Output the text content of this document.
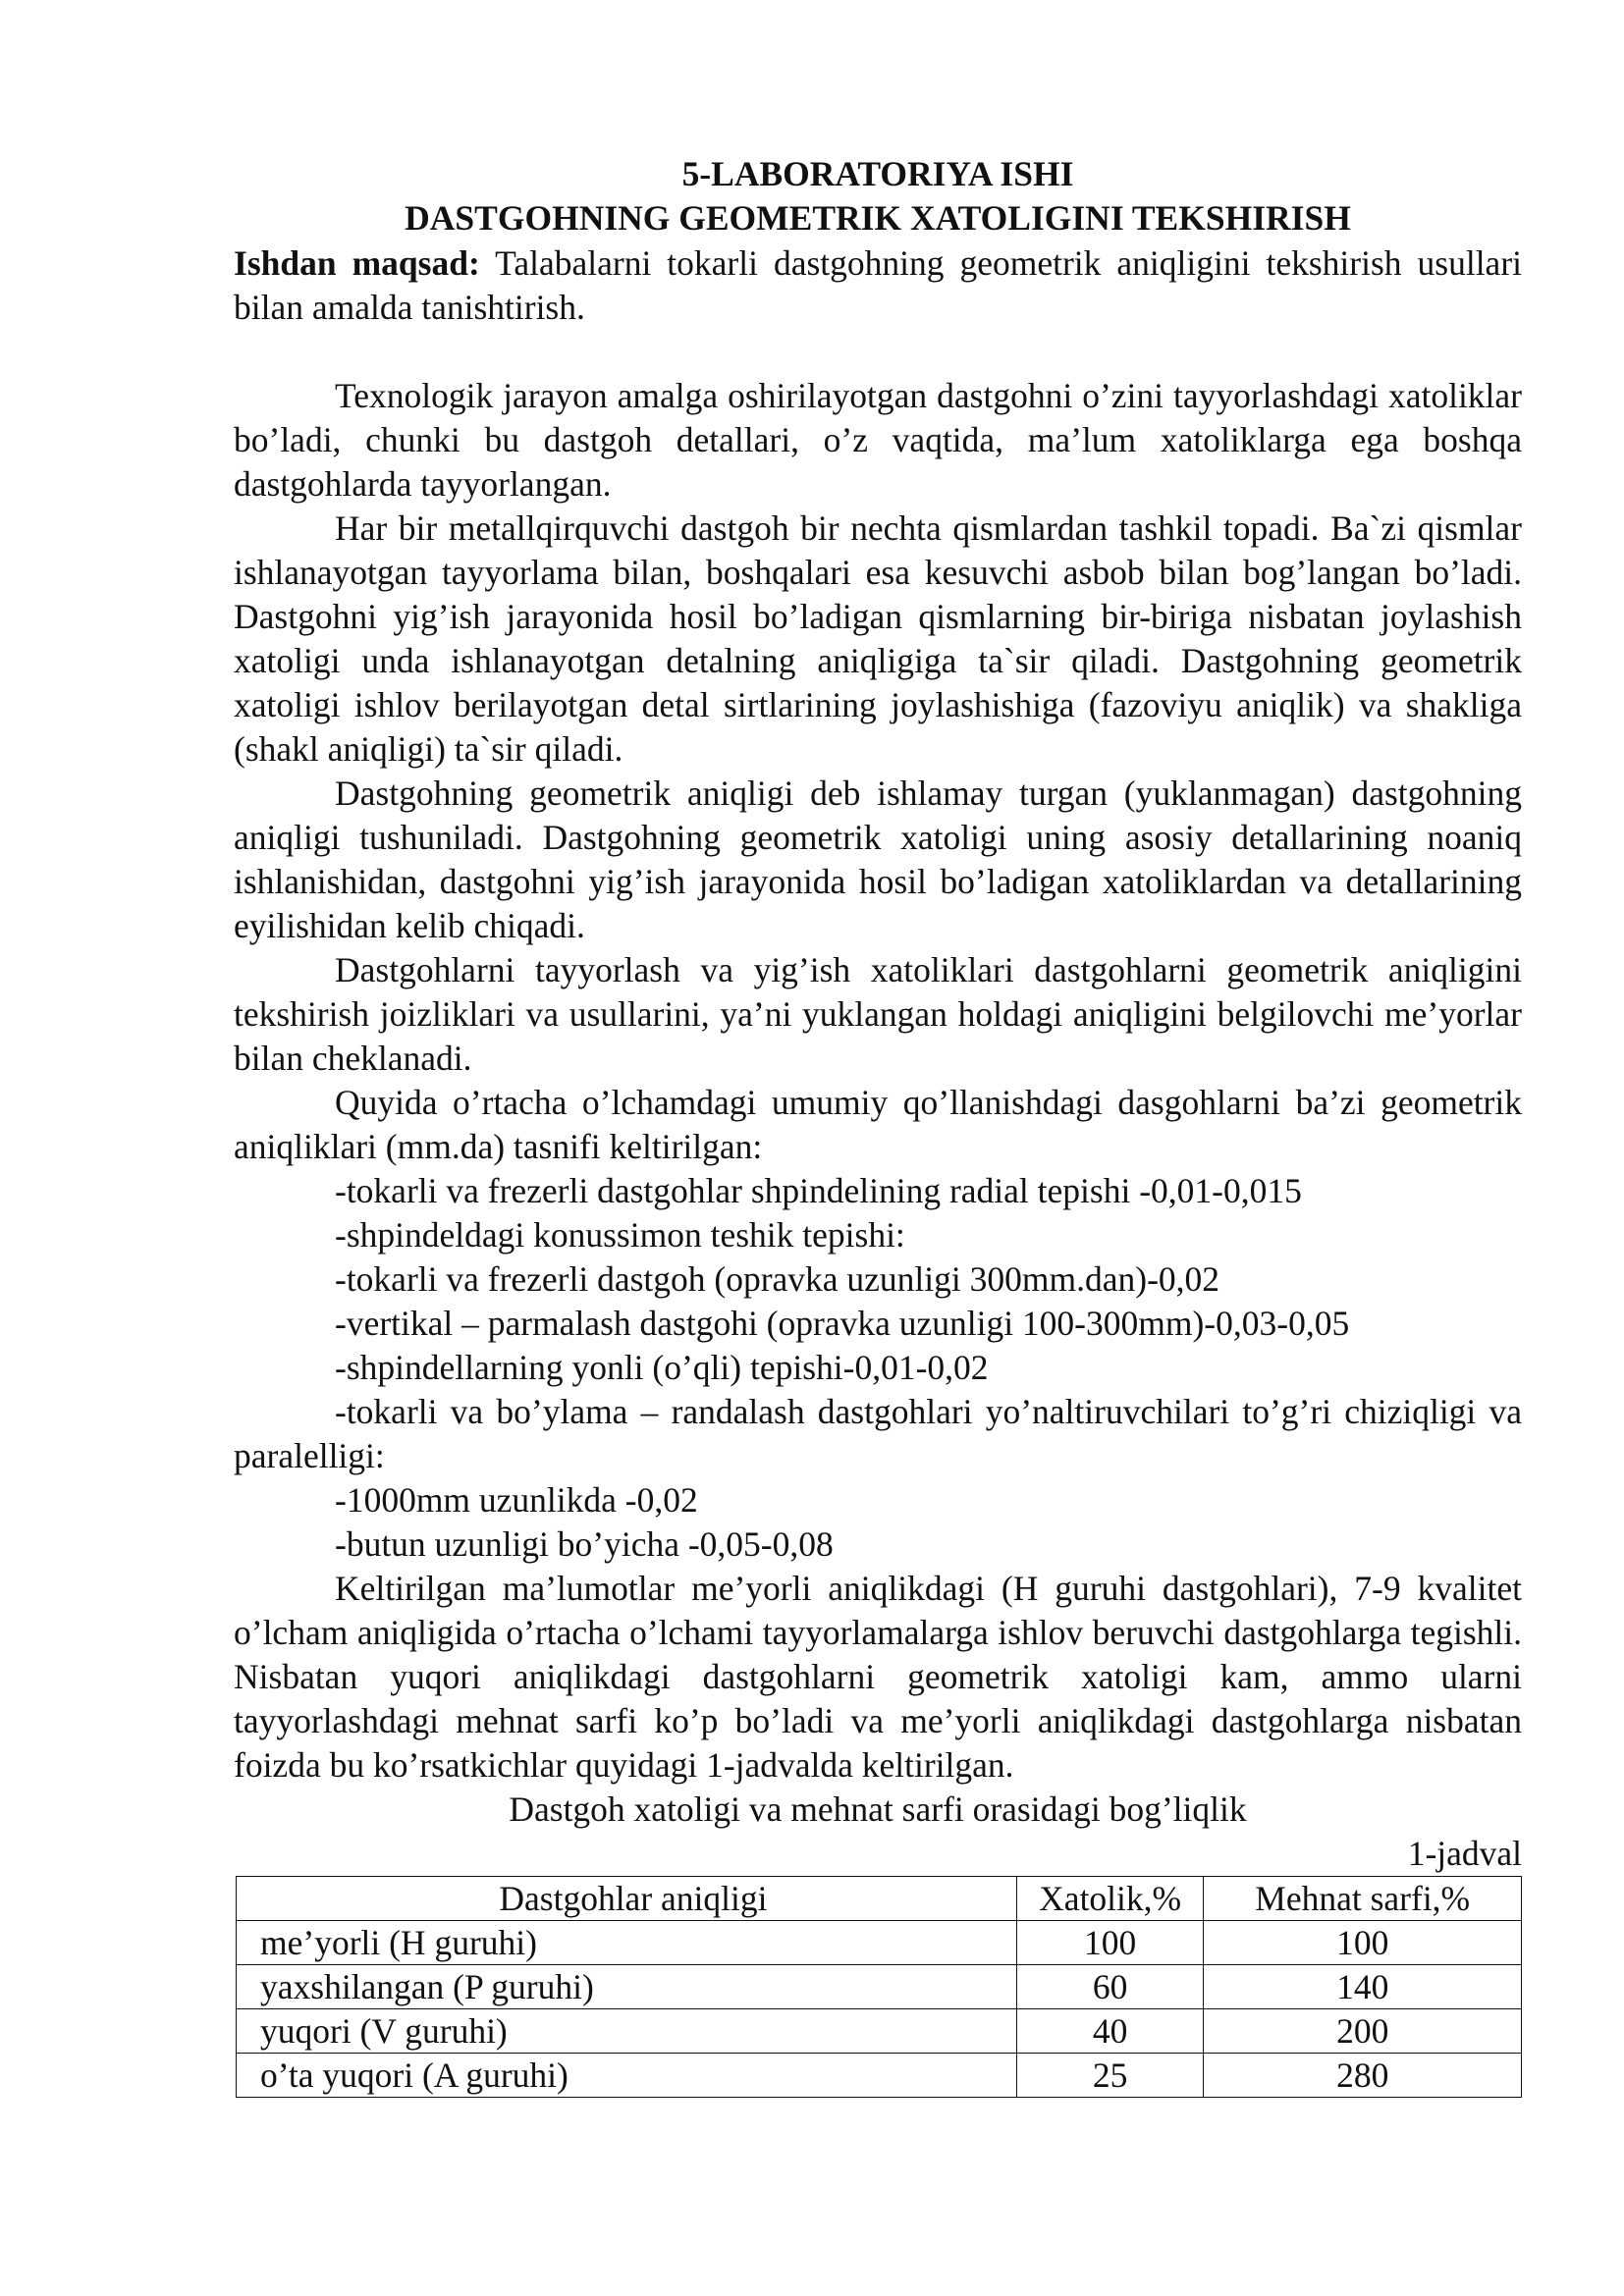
5-LABORATORIYA ISHI

DASTGOHNING GEOMETRIK XATOLIGINI TEKSHIRISH

Ishdan maqsad: Talabalarni tokarli dastgohning geometrik aniqligini tekshirish usullari bilan amalda tanishtirish.

Texnologik jarayon amalga oshirilayotgan dastgohni o’zini tayyorlashdagi xatoliklar bo’ladi, chunki bu dastgoh detallari, o’z vaqtida, ma’lum xatoliklarga ega boshqa dastgohlarda tayyorlangan.

Har bir metallqirquvchi dastgoh bir nechta qismlardan tashkil topadi. Ba`zi qismlar ishlanayotgan tayyorlama bilan, boshqalari esa kesuvchi asbob bilan bog’langan bo’ladi. Dastgohni yig’ish jarayonida hosil bo’ladigan qismlarning bir-biriga nisbatan joylashish xatoligi unda ishlanayotgan detalning aniqligiga ta`sir qiladi. Dastgohning geometrik xatoligi ishlov berilayotgan detal sirtlarining joylashishiga (fazoviyu aniqlik) va shakliga (shakl aniqligi) ta`sir qiladi.

Dastgohning geometrik aniqligi deb ishlamay turgan (yuklanmagan) dastgohning aniqligi tushuniladi. Dastgohning geometrik xatoligi uning asosiy detallarining noaniq ishlanishidan, dastgohni yig’ish jarayonida hosil bo’ladigan xatoliklardan va detallarining eyilishidan kelib chiqadi.

Dastgohlarni tayyorlash va yig’ish xatoliklari dastgohlarni geometrik aniqligini tekshirish joizliklari va usullarini, ya’ni yuklangan holdagi aniqligini belgilovchi me’yorlar bilan cheklanadi.

Quyida o’rtacha o’lchamdagi umumiy qo’llanishdagi dasgohlarni ba’zi geometrik aniqliklari (mm.da) tasnifi keltirilgan:

-tokarli va frezerli dastgohlar shpindelining radial tepishi -0,01-0,015

-shpindeldagi konussimon teshik tepishi:

-tokarli va frezerli dastgoh (opravka uzunligi 300mm.dan)-0,02

-vertikal – parmalash dastgohi (opravka uzunligi 100-300mm)-0,03-0,05

-shpindellarning yonli (o’qli) tepishi-0,01-0,02

-tokarli va bo’ylama – randalash dastgohlari yo’naltiruvchilari to’g’ri chiziqligi va paralelligi:

-1000mm uzunlikda -0,02

-butun uzunligi bo’yicha -0,05-0,08

Keltirilgan ma’lumotlar me’yorli aniqlikdagi (H guruhi dastgohlari), 7-9 kvalitet o’lcham aniqligida o’rtacha o’lchami tayyorlamalarga ishlov beruvchi dastgohlarga tegishli. Nisbatan yuqori aniqlikdagi dastgohlarni geometrik xatoligi kam, ammo ularni tayyorlashdagi mehnat sarfi ko’p bo’ladi va me’yorli aniqlikdagi dastgohlarga nisbatan foizda bu ko’rsatkichlar quyidagi 1-jadvalda keltirilgan.

Dastgoh xatoligi va mehnat sarfi orasidagi bog’liqlik

1-jadval

Dastgohlar aniqligi	Xatolik,%	Mehnat sarfi,%
me’yorli (H guruhi)	100	100
yaxshilangan (P guruhi)	60	140
yuqori (V guruhi)	40	200
o’ta yuqori (A guruhi)	25	280
